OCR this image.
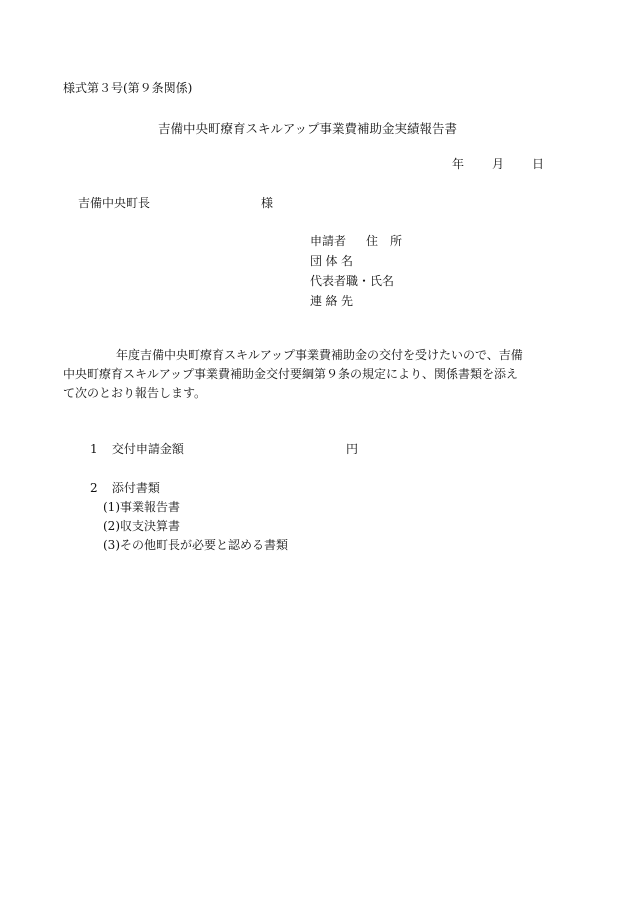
様式第３号(第９条関係)
吉備中央町療育スキルアップ事業費補助金実績報告書
年 月 日
吉備中央町長	様
申請者 住　所
団体名
代表者職・氏名
連絡先
年度吉備中央町療育スキルアップ事業費補助金の交付を受けたいので、吉備
中央町療育スキルアップ事業費補助金交付要綱第９条の規定により、関係書類を添え
て次のとおり報告します。
1 交付申請金額	円
2 添付書類
(1)事業報告書
(2)収支決算書
(3)その他町長が必要と認める書類
